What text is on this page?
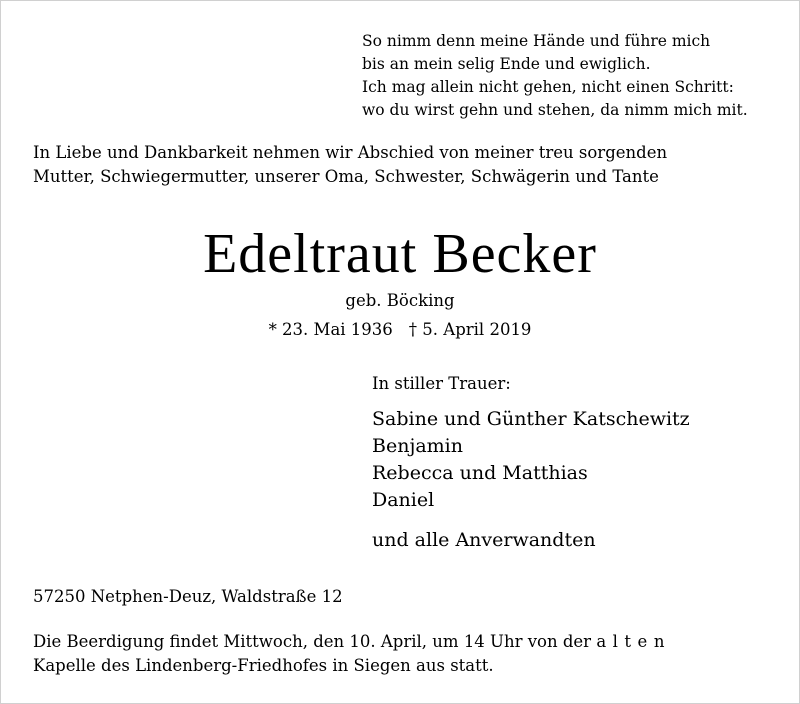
So nimm denn meine Hände und führe mich
bis an mein selig Ende und ewiglich.
Ich mag allein nicht gehen, nicht einen Schritt:
wo du wirst gehn und stehen, da nimm mich mit.
In Liebe und Dankbarkeit nehmen wir Abschied von meiner treu sorgenden
Mutter, Schwiegermutter, unserer Oma, Schwester, Schwägerin und Tante
Edeltraut Becker
geb. Böcking
* 23. Mai 1936 † 5. April 2019
In stiller Trauer:
Sabine und Günther Katschewitz
Benjamin
Rebecca und Matthias
Daniel
und alle Anverwandten
57250 Netphen-Deuz, Waldstraße 12
Die Beerdigung findet Mittwoch, den 10. April, um 14 Uhr von der alten
Kapelle des Lindenberg-Friedhofes in Siegen aus statt.
